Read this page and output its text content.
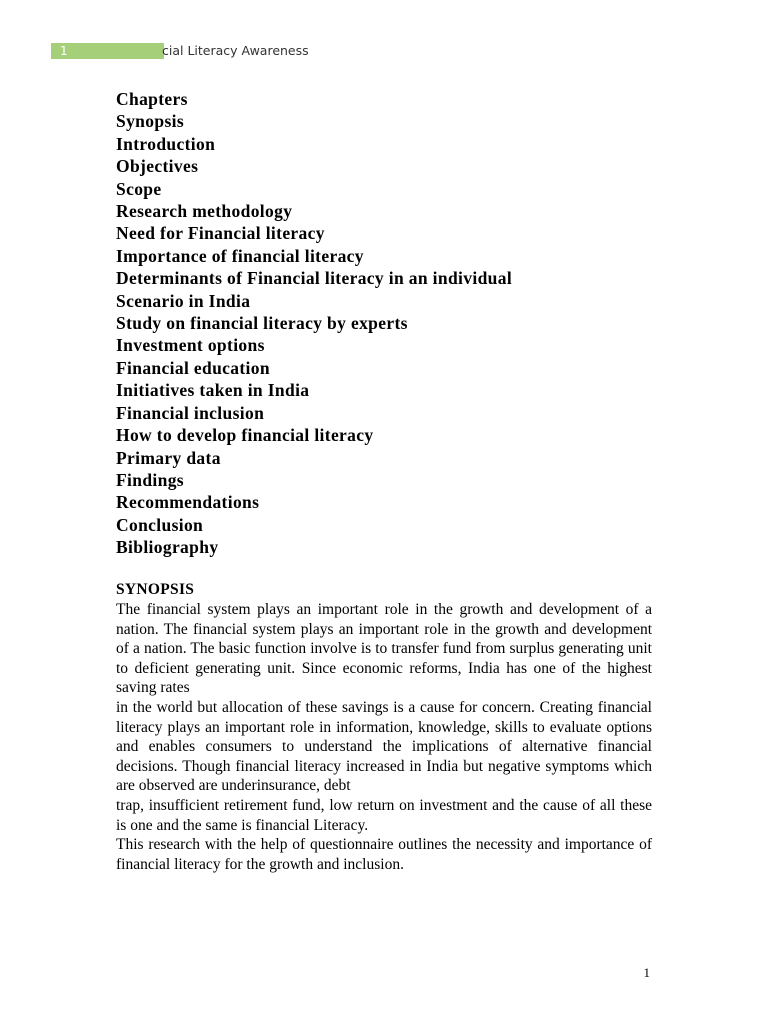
1	cial Literacy Awareness
Chapters
Synopsis
Introduction
Objectives
Scope
Research methodology
Need for Financial literacy
Importance of financial literacy
Determinants of Financial literacy in an individual
Scenario in India
Study on financial literacy by experts
Investment options
Financial education
Initiatives taken in India
Financial inclusion
How to develop financial literacy
Primary data
Findings
Recommendations
Conclusion
Bibliography
SYNOPSIS

The financial system plays an important role in the growth and development of a nation. The financial system plays an important role in the growth and development of a nation. The basic function involve is to transfer fund from surplus generating unit to deficient generating unit. Since economic reforms, India has one of the highest saving rates

in the world but allocation of these savings is a cause for concern. Creating financial literacy plays an important role in information, knowledge, skills to evaluate options and enables consumers to understand the implications of alternative financial decisions. Though financial literacy increased in India but negative symptoms which are observed are underinsurance, debt

trap, insufficient retirement fund, low return on investment and the cause of all these is one and the same is financial Literacy.

This research with the help of questionnaire outlines the necessity and importance of financial literacy for the growth and inclusion.

1
